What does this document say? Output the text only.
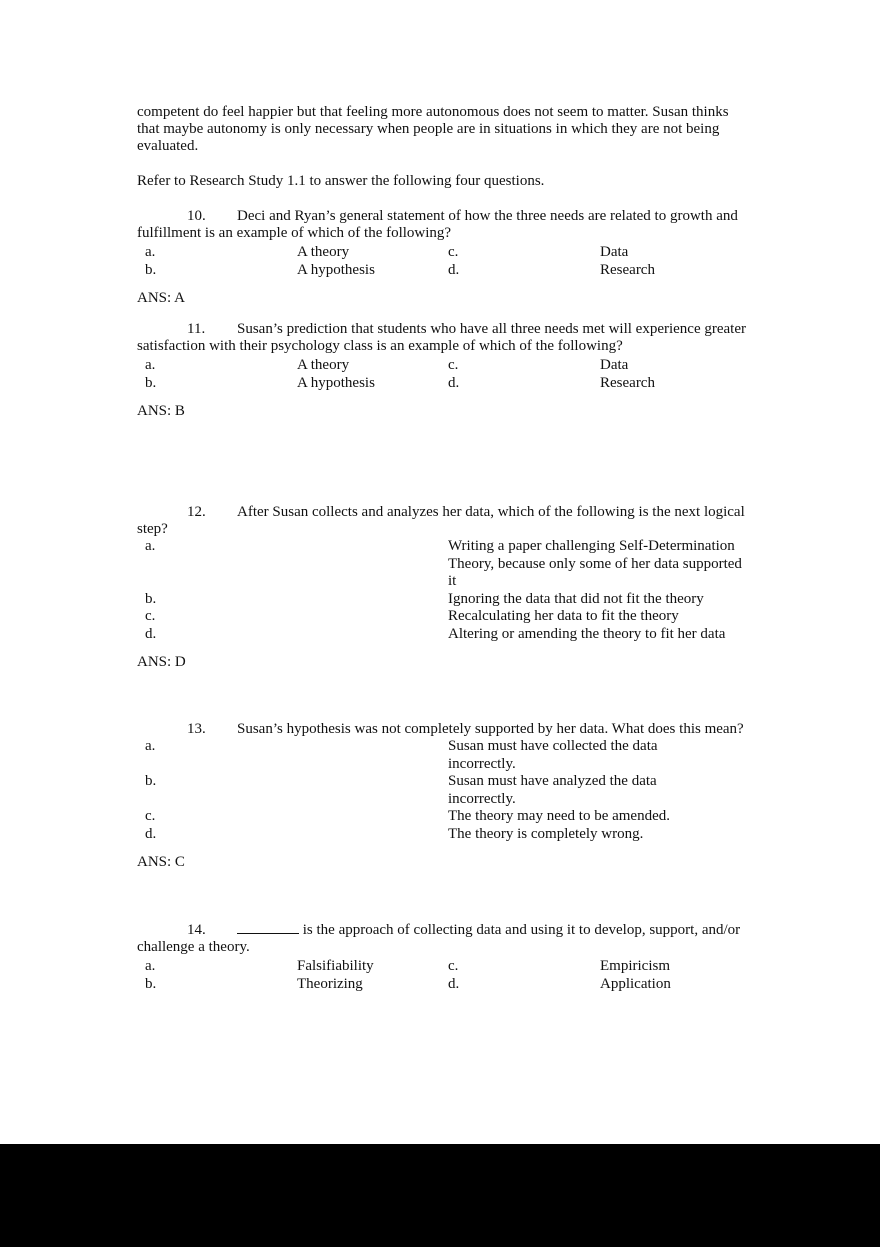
competent do feel happier but that feeling more autonomous does not seem to matter. Susan thinks that maybe autonomy is only necessary when people are in situations in which they are not being evaluated.

Refer to Research Study 1.1 to answer the following four questions.

10. Deci and Ryan’s general statement of how the three needs are related to growth and fulfillment is an example of which of the following?

a.	A theory	c.	Data
b.	A hypothesis	d.	Research

ANS: A

11. Susan’s prediction that students who have all three needs met will experience greater satisfaction with their psychology class is an example of which of the following?

a.	A theory	c.	Data
b.	A hypothesis	d.	Research

ANS: B

12. After Susan collects and analyzes her data, which of the following is the next logical step?

a.	Writing a paper challenging Self-Determination Theory, because only some of her data supported it
b.	Ignoring the data that did not fit the theory
c.	Recalculating her data to fit the theory
d.	Altering or amending the theory to fit her data

ANS: D

13. Susan’s hypothesis was not completely supported by her data. What does this mean?

a.	Susan must have collected the data incorrectly.
b.	Susan must have analyzed the data incorrectly.
c.	The theory may need to be amended.
d.	The theory is completely wrong.

ANS: C

14.	is the approach of collecting data and using it to develop, support, and/or challenge a theory.

a.	Falsifiability	c.	Empiricism
b.	Theorizing	d.	Application
